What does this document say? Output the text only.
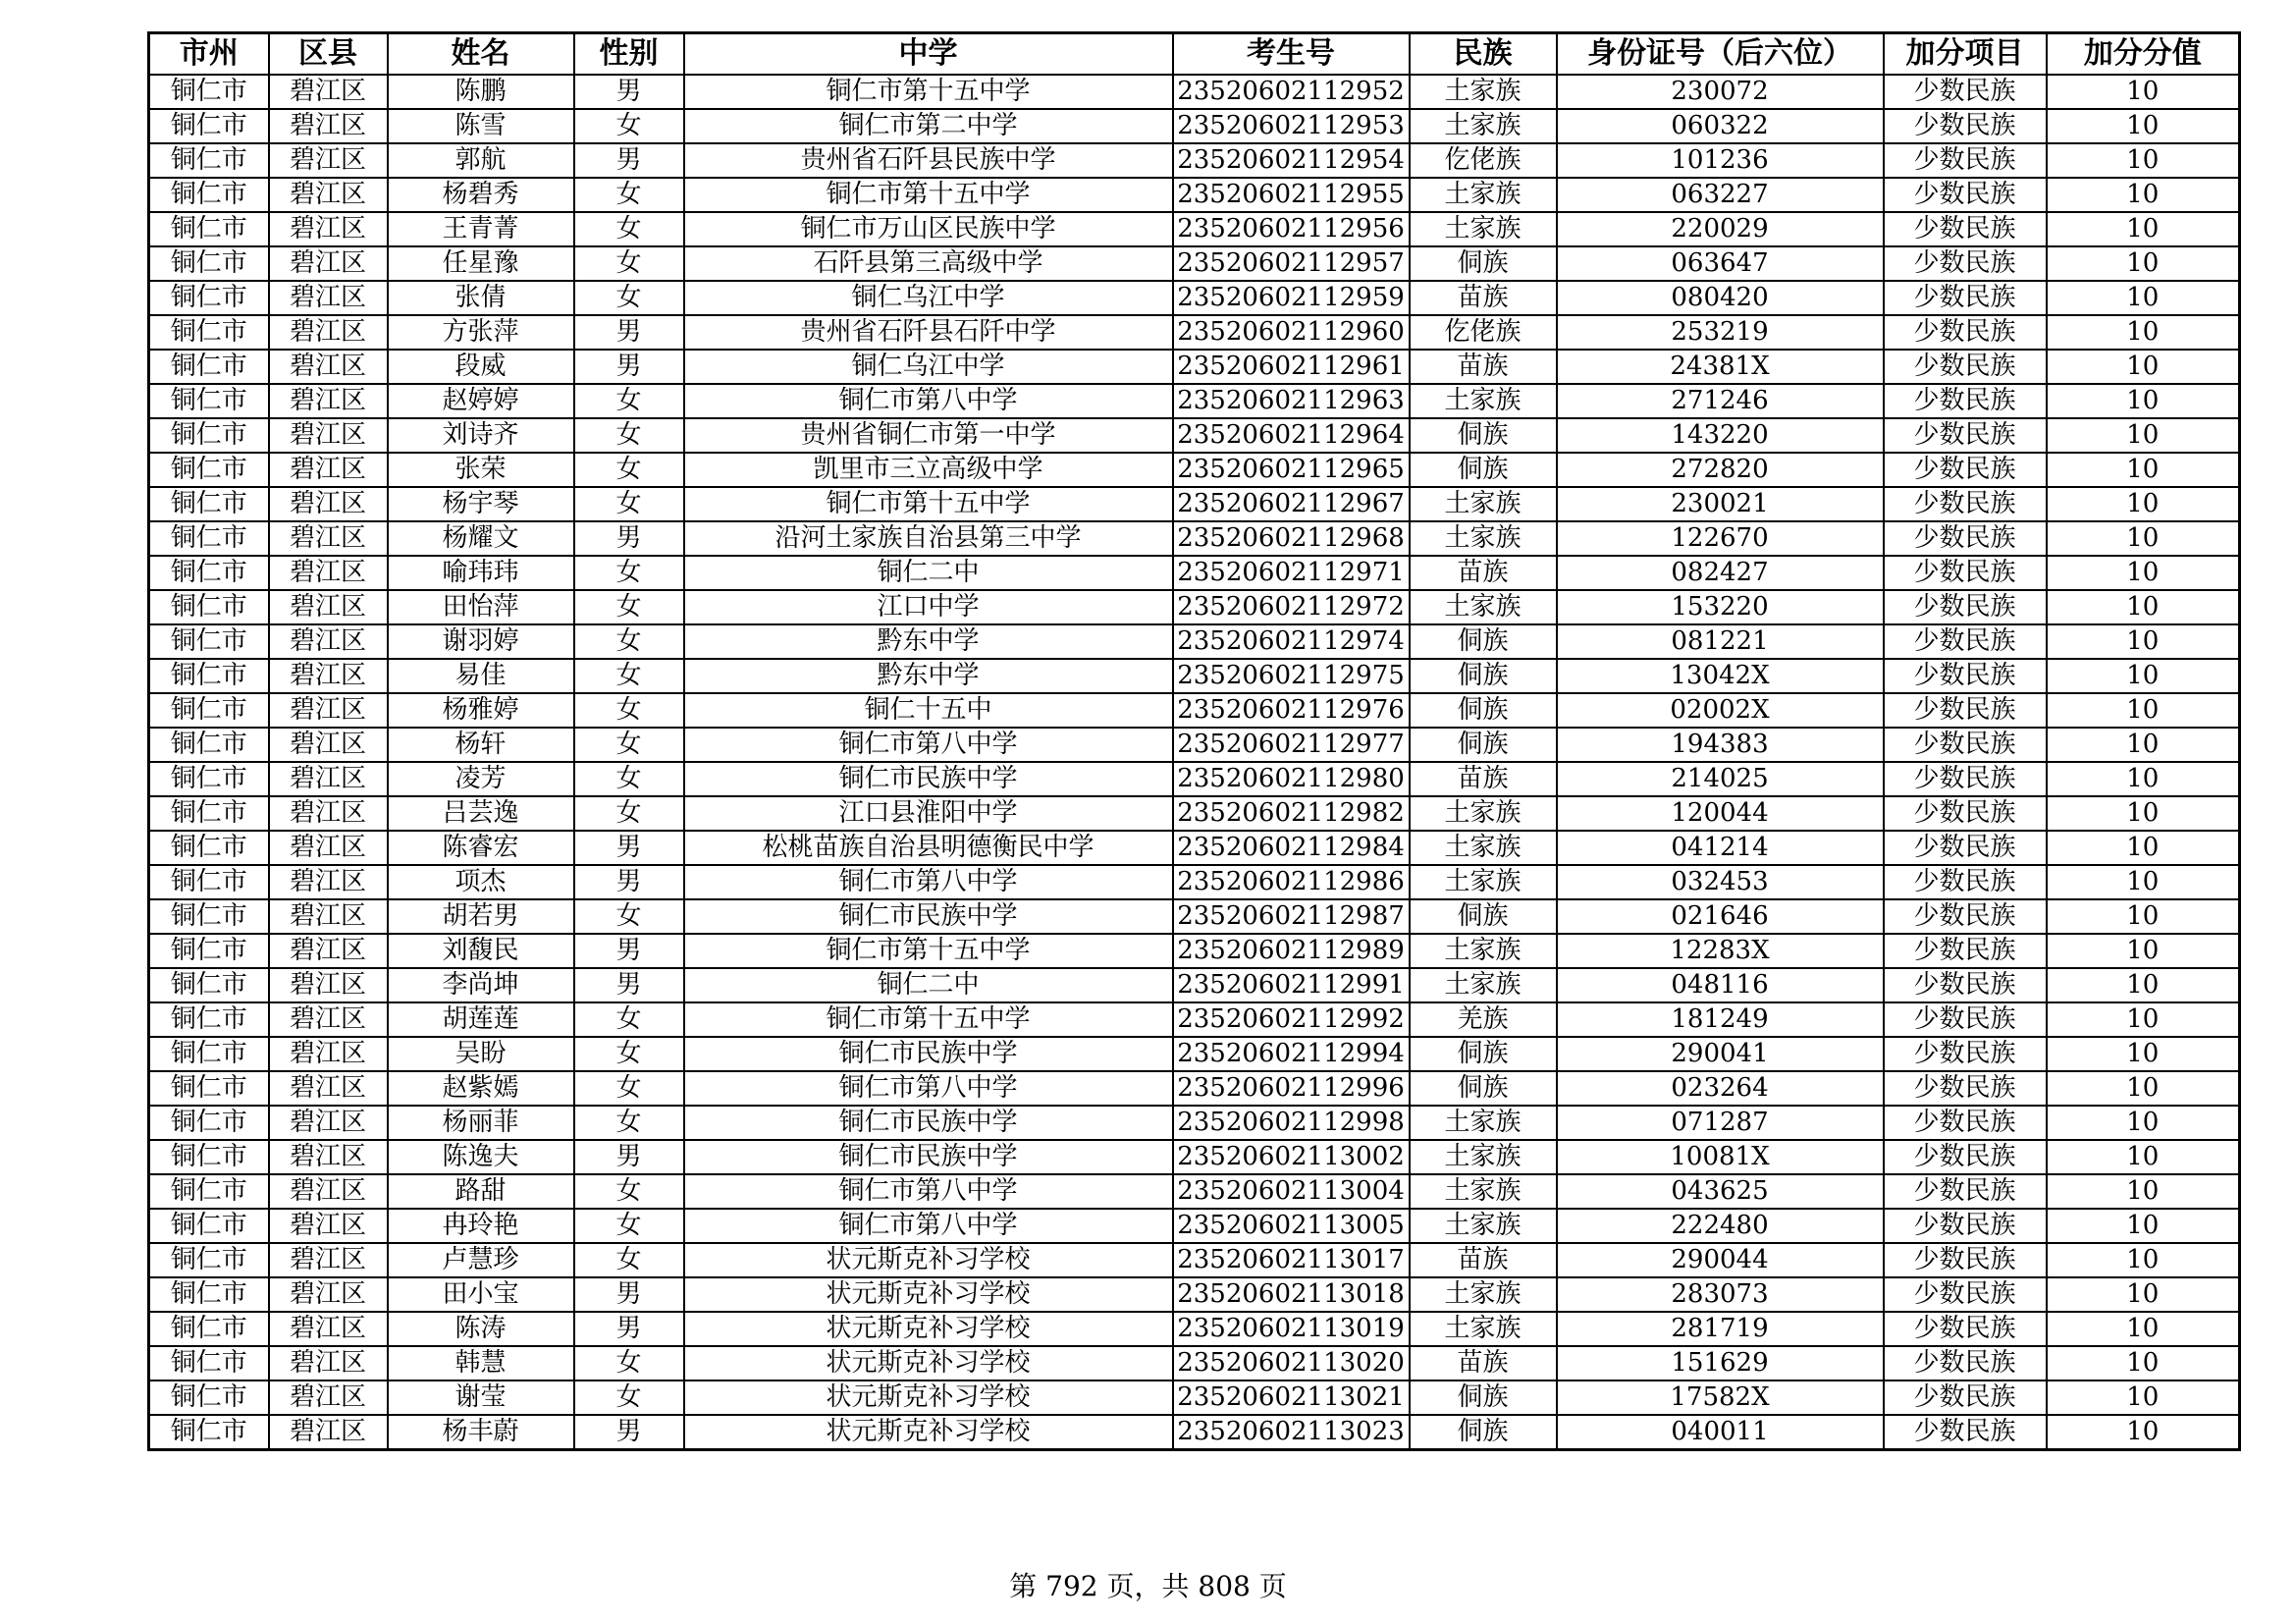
市州	区县	姓名	性别	中学	考生号	民族	身份证号（后六位）	加分项目	加分分值
铜仁市	碧江区	陈鹏	男	铜仁市第十五中学	23520602112952	土家族	230072	少数民族	10
铜仁市	碧江区	陈雪	女	铜仁市第二中学	23520602112953	土家族	060322	少数民族	10
铜仁市	碧江区	郭航	男	贵州省石阡县民族中学	23520602112954	仡佬族	101236	少数民族	10
铜仁市	碧江区	杨碧秀	女	铜仁市第十五中学	23520602112955	土家族	063227	少数民族	10
铜仁市	碧江区	王青菁	女	铜仁市万山区民族中学	23520602112956	土家族	220029	少数民族	10
铜仁市	碧江区	任星豫	女	石阡县第三高级中学	23520602112957	侗族	063647	少数民族	10
铜仁市	碧江区	张倩	女	铜仁乌江中学	23520602112959	苗族	080420	少数民族	10
铜仁市	碧江区	方张萍	男	贵州省石阡县石阡中学	23520602112960	仡佬族	253219	少数民族	10
铜仁市	碧江区	段威	男	铜仁乌江中学	23520602112961	苗族	24381X	少数民族	10
铜仁市	碧江区	赵婷婷	女	铜仁市第八中学	23520602112963	土家族	271246	少数民族	10
铜仁市	碧江区	刘诗齐	女	贵州省铜仁市第一中学	23520602112964	侗族	143220	少数民族	10
铜仁市	碧江区	张荣	女	凯里市三立高级中学	23520602112965	侗族	272820	少数民族	10
铜仁市	碧江区	杨宇琴	女	铜仁市第十五中学	23520602112967	土家族	230021	少数民族	10
铜仁市	碧江区	杨耀文	男	沿河土家族自治县第三中学	23520602112968	土家族	122670	少数民族	10
铜仁市	碧江区	喻玮玮	女	铜仁二中	23520602112971	苗族	082427	少数民族	10
铜仁市	碧江区	田怡萍	女	江口中学	23520602112972	土家族	153220	少数民族	10
铜仁市	碧江区	谢羽婷	女	黔东中学	23520602112974	侗族	081221	少数民族	10
铜仁市	碧江区	易佳	女	黔东中学	23520602112975	侗族	13042X	少数民族	10
铜仁市	碧江区	杨雅婷	女	铜仁十五中	23520602112976	侗族	02002X	少数民族	10
铜仁市	碧江区	杨轩	女	铜仁市第八中学	23520602112977	侗族	194383	少数民族	10
铜仁市	碧江区	凌芳	女	铜仁市民族中学	23520602112980	苗族	214025	少数民族	10
铜仁市	碧江区	吕芸逸	女	江口县淮阳中学	23520602112982	土家族	120044	少数民族	10
铜仁市	碧江区	陈睿宏	男	松桃苗族自治县明德衡民中学	23520602112984	土家族	041214	少数民族	10
铜仁市	碧江区	项杰	男	铜仁市第八中学	23520602112986	土家族	032453	少数民族	10
铜仁市	碧江区	胡若男	女	铜仁市民族中学	23520602112987	侗族	021646	少数民族	10
铜仁市	碧江区	刘馥民	男	铜仁市第十五中学	23520602112989	土家族	12283X	少数民族	10
铜仁市	碧江区	李尚坤	男	铜仁二中	23520602112991	土家族	048116	少数民族	10
铜仁市	碧江区	胡莲莲	女	铜仁市第十五中学	23520602112992	羌族	181249	少数民族	10
铜仁市	碧江区	吴盼	女	铜仁市民族中学	23520602112994	侗族	290041	少数民族	10
铜仁市	碧江区	赵紫嫣	女	铜仁市第八中学	23520602112996	侗族	023264	少数民族	10
铜仁市	碧江区	杨丽菲	女	铜仁市民族中学	23520602112998	土家族	071287	少数民族	10
铜仁市	碧江区	陈逸夫	男	铜仁市民族中学	23520602113002	土家族	10081X	少数民族	10
铜仁市	碧江区	路甜	女	铜仁市第八中学	23520602113004	土家族	043625	少数民族	10
铜仁市	碧江区	冉玲艳	女	铜仁市第八中学	23520602113005	土家族	222480	少数民族	10
铜仁市	碧江区	卢慧珍	女	状元斯克补习学校	23520602113017	苗族	290044	少数民族	10
铜仁市	碧江区	田小宝	男	状元斯克补习学校	23520602113018	土家族	283073	少数民族	10
铜仁市	碧江区	陈涛	男	状元斯克补习学校	23520602113019	土家族	281719	少数民族	10
铜仁市	碧江区	韩慧	女	状元斯克补习学校	23520602113020	苗族	151629	少数民族	10
铜仁市	碧江区	谢莹	女	状元斯克补习学校	23520602113021	侗族	17582X	少数民族	10
铜仁市	碧江区	杨丰蔚	男	状元斯克补习学校	23520602113023	侗族	040011	少数民族	10
第 792 页，共 808 页
